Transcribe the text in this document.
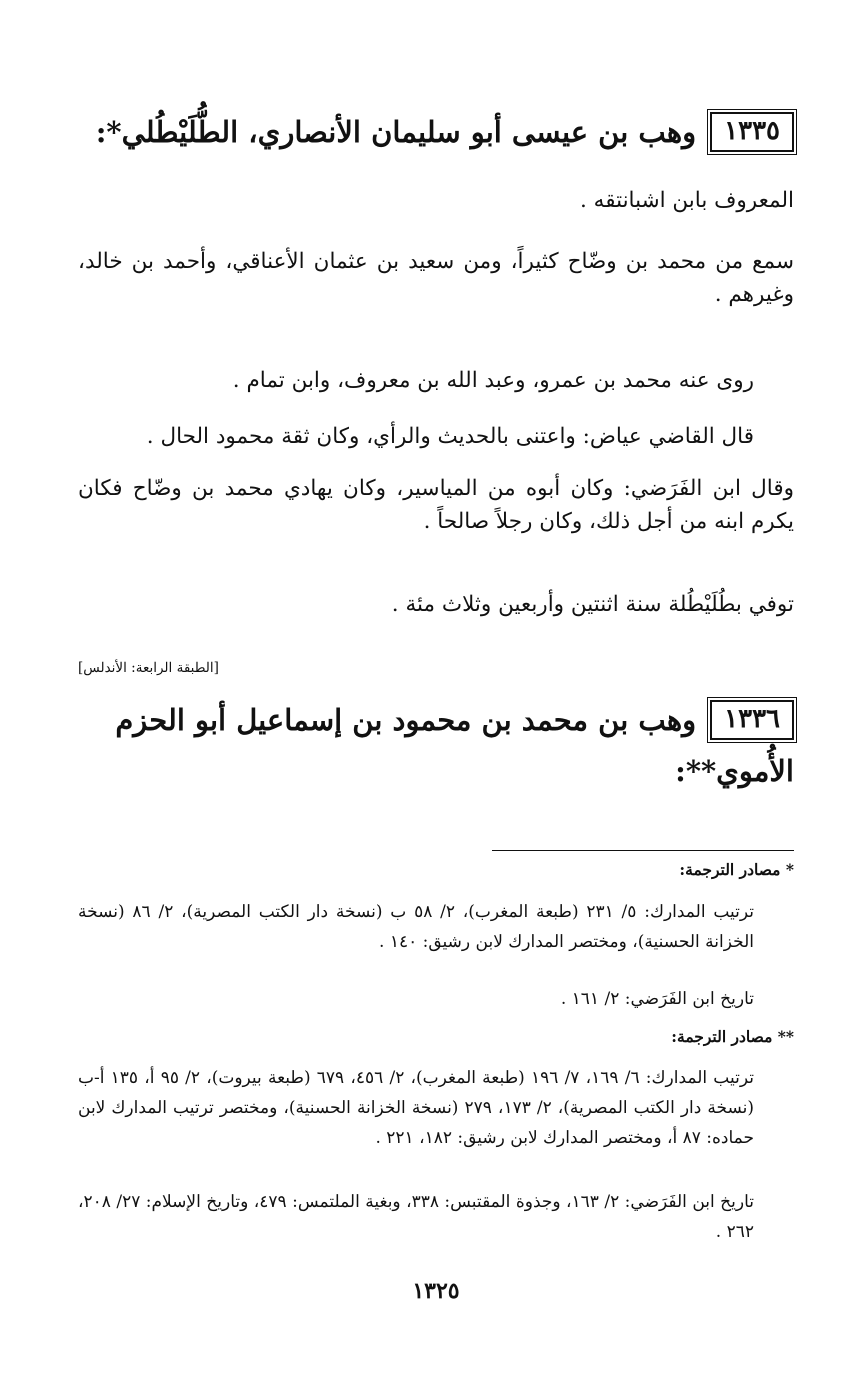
١٣٣٥
وهب بن عيسى أبو سليمان الأنصاري، الطُّلَيْطُلي*:

المعروف بابن اشبانتقه .

سمع من محمد بن وضّاح كثيراً، ومن سعيد بن عثمان الأعناقي، وأحمد بن خالد، وغيرهم .

روى عنه محمد بن عمرو، وعبد الله بن معروف، وابن تمام .

قال القاضي عياض: واعتنى بالحديث والرأي، وكان ثقة محمود الحال .

وقال ابن الفَرَضي: وكان أبوه من المياسير، وكان يهادي محمد بن وضّاح فكان يكرم ابنه من أجل ذلك، وكان رجلاً صالحاً .

توفي بطُلَيْطُلة سنة اثنتين وأربعين وثلاث مئة .

[الطبقة الرابعة: الأندلس]
١٣٣٦
وهب بن محمد بن محمود بن إسماعيل أبو الحزم
الأُموي**:
* مصادر الترجمة:

ترتيب المدارك: ٥/ ٢٣١ (طبعة المغرب)، ٢/ ٥٨ ب (نسخة دار الكتب المصرية)، ٢/ ٨٦ (نسخة الخزانة الحسنية)، ومختصر المدارك لابن رشيق: ١٤٠ .

تاريخ ابن الفَرَضي: ٢/ ١٦١ .

** مصادر الترجمة:

ترتيب المدارك: ٦/ ١٦٩، ٧/ ١٩٦ (طبعة المغرب)، ٢/ ٤٥٦، ٦٧٩ (طبعة بيروت)، ٢/ ٩٥ أ، ١٣٥ أ-ب (نسخة دار الكتب المصرية)، ٢/ ١٧٣، ٢٧٩ (نسخة الخزانة الحسنية)، ومختصر ترتيب المدارك لابن حماده: ٨٧ أ، ومختصر المدارك لابن رشيق: ١٨٢، ٢٢١ .

تاريخ ابن الفَرَضي: ٢/ ١٦٣، وجذوة المقتبس: ٣٣٨، وبغية الملتمس: ٤٧٩، وتاريخ الإسلام: ٢٧/ ٢٠٨، ٢٦٢ .

١٣٢٥
